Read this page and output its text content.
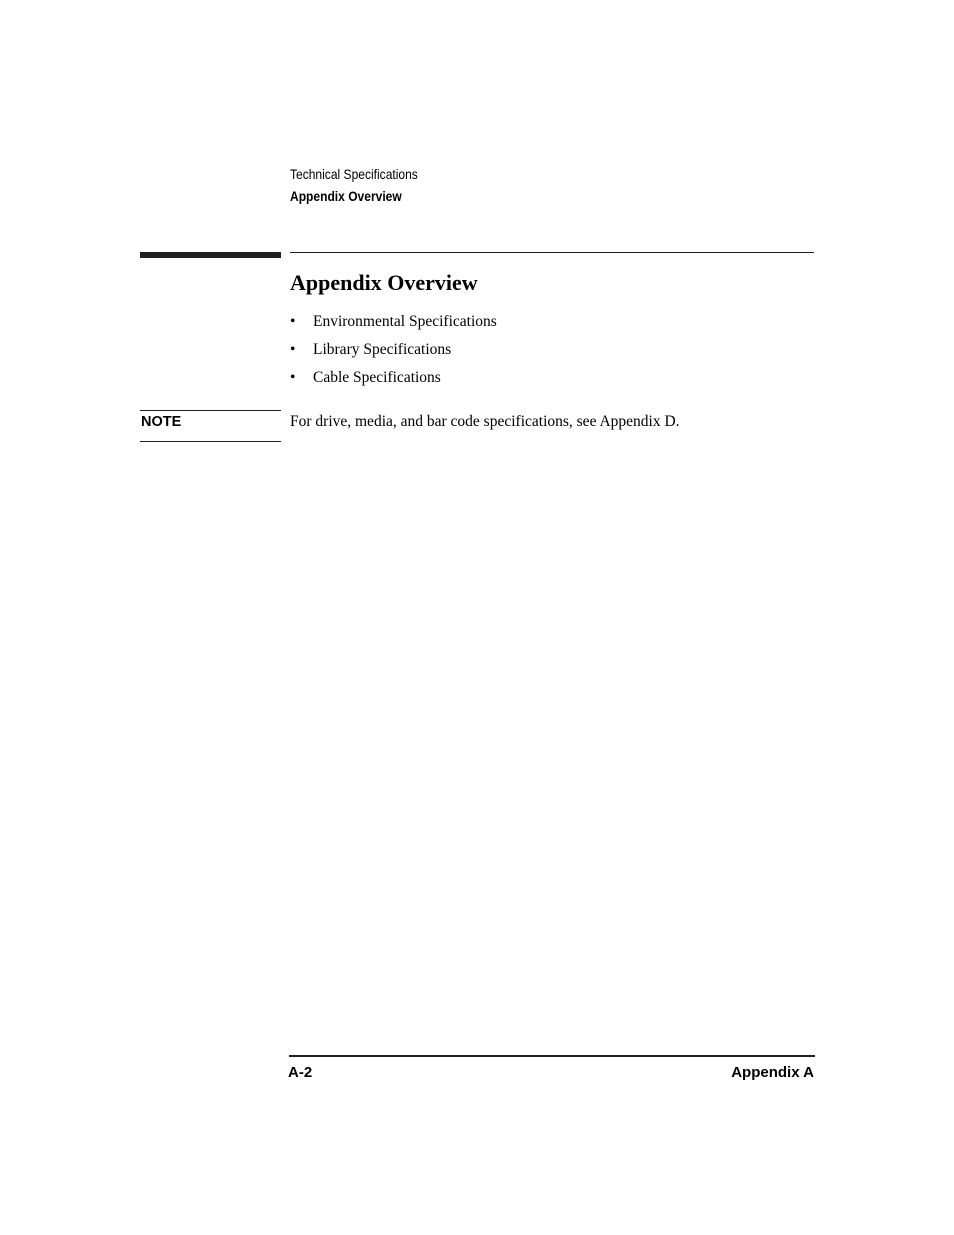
Technical Specifications
Appendix Overview
Appendix Overview
• Environmental Specifications
• Library Specifications
• Cable Specifications
NOTE	For drive, media, and bar code specifications, see Appendix D.
A-2	Appendix A
